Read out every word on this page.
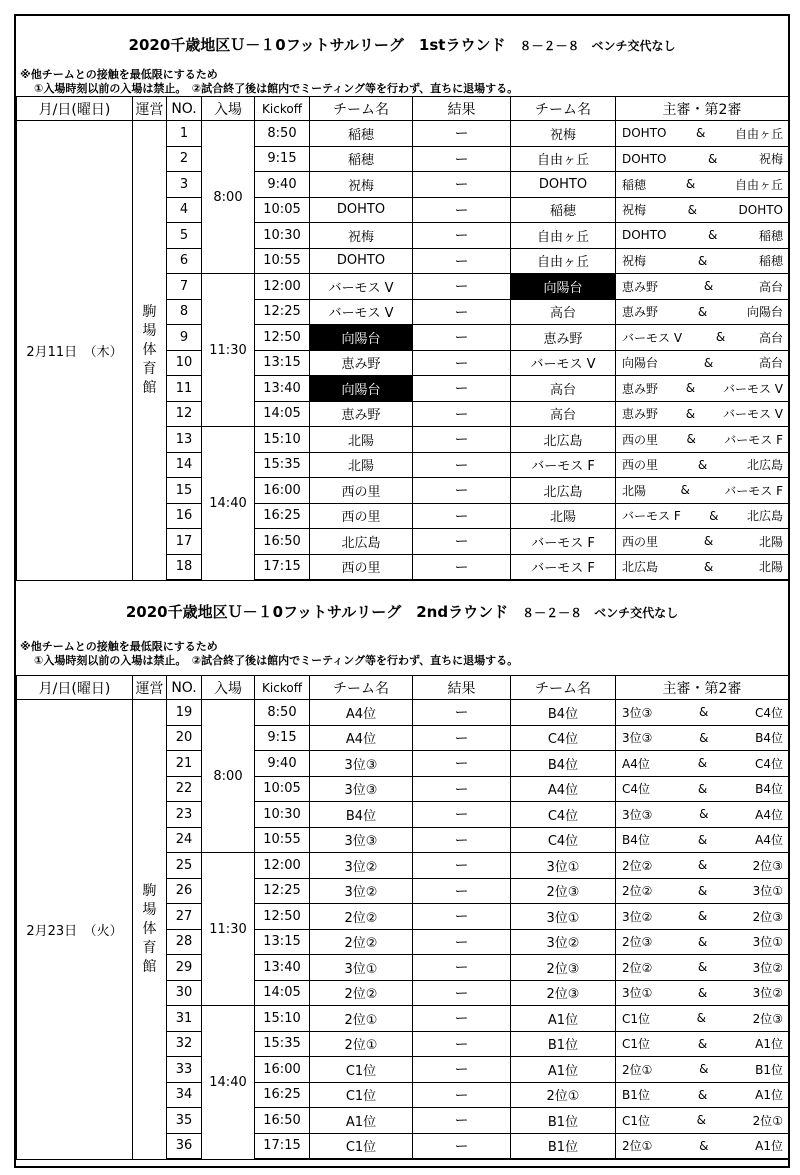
2020千歳地区Ｕ－１0フットサルリーグ　1stラウンド ８－２－８　ベンチ交代なし
※他チームとの接触を最低限にするため
①入場時刻以前の入場は禁止。　②試合終了後は館内でミーティング等を行わず、直ちに退場する。
月/日(曜日)	運営	NO.	入場	Kickoff	チーム名	結果	チーム名	主審・第2審
2月11日　（木）	駒場体育館	1	8:00	8:50	稲穂	ー	祝梅	DOHTO & 自由ヶ丘

		2		9:15	稲穂	ー	自由ヶ丘	DOHTO & 祝梅

		3		9:40	祝梅	ー	DOHTO	稲穂 & 自由ヶ丘

		4		10:05	DOHTO	ー	稲穂	祝梅 & DOHTO

		5		10:30	祝梅	ー	自由ヶ丘	DOHTO & 稲穂

		6		10:55	DOHTO	ー	自由ヶ丘	祝梅 & 稲穂

		7	11:30	12:00	バーモス V	ー	向陽台	恵み野 & 高台

		8		12:25	バーモス V	ー	高台	恵み野 & 向陽台

		9		12:50	向陽台	ー	恵み野	バーモス V & 高台

		10		13:15	恵み野	ー	バーモス V	向陽台 & 高台

		11		13:40	向陽台	ー	高台	恵み野 & バーモス V

		12		14:05	恵み野	ー	高台	恵み野 & バーモス V

		13	14:40	15:10	北陽	ー	北広島	西の里 & バーモス F

		14		15:35	北陽	ー	バーモス F	西の里 & 北広島

		15		16:00	西の里	ー	北広島	北陽 & バーモス F

		16		16:25	西の里	ー	北陽	バーモス F & 北広島

		17		16:50	北広島	ー	バーモス F	西の里 & 北陽

		18		17:15	西の里	ー	バーモス F	北広島 & 北陽
2020千歳地区Ｕ－１0フットサルリーグ　2ndラウンド ８－２－８　ベンチ交代なし
※他チームとの接触を最低限にするため
①入場時刻以前の入場は禁止。　②試合終了後は館内でミーティング等を行わず、直ちに退場する。
月/日(曜日)	運営	NO.	入場	Kickoff	チーム名	結果	チーム名	主審・第2審
2月23日　（火）	駒場体育館	19	8:00	8:50	A4位	ー	B4位	3位③ & C4位

		20		9:15	A4位	ー	C4位	3位③ & B4位

		21		9:40	3位③	ー	B4位	A4位 & C4位

		22		10:05	3位③	ー	A4位	C4位 & B4位

		23		10:30	B4位	ー	C4位	3位③ & A4位

		24		10:55	3位③	ー	C4位	B4位 & A4位

		25	11:30	12:00	3位②	ー	3位①	2位② & 2位③

		26		12:25	3位②	ー	2位③	2位② & 3位①

		27		12:50	2位②	ー	3位①	3位② & 2位③

		28		13:15	2位②	ー	3位②	2位③ & 3位①

		29		13:40	3位①	ー	2位③	2位② & 3位②

		30		14:05	2位②	ー	2位③	3位① & 3位②

		31	14:40	15:10	2位①	ー	A1位	C1位 & 2位③

		32		15:35	2位①	ー	B1位	C1位 & A1位

		33		16:00	C1位	ー	A1位	2位① & B1位

		34		16:25	C1位	ー	2位①	B1位 & A1位

		35		16:50	A1位	ー	B1位	C1位 & 2位①

		36		17:15	C1位	ー	B1位	2位① & A1位
